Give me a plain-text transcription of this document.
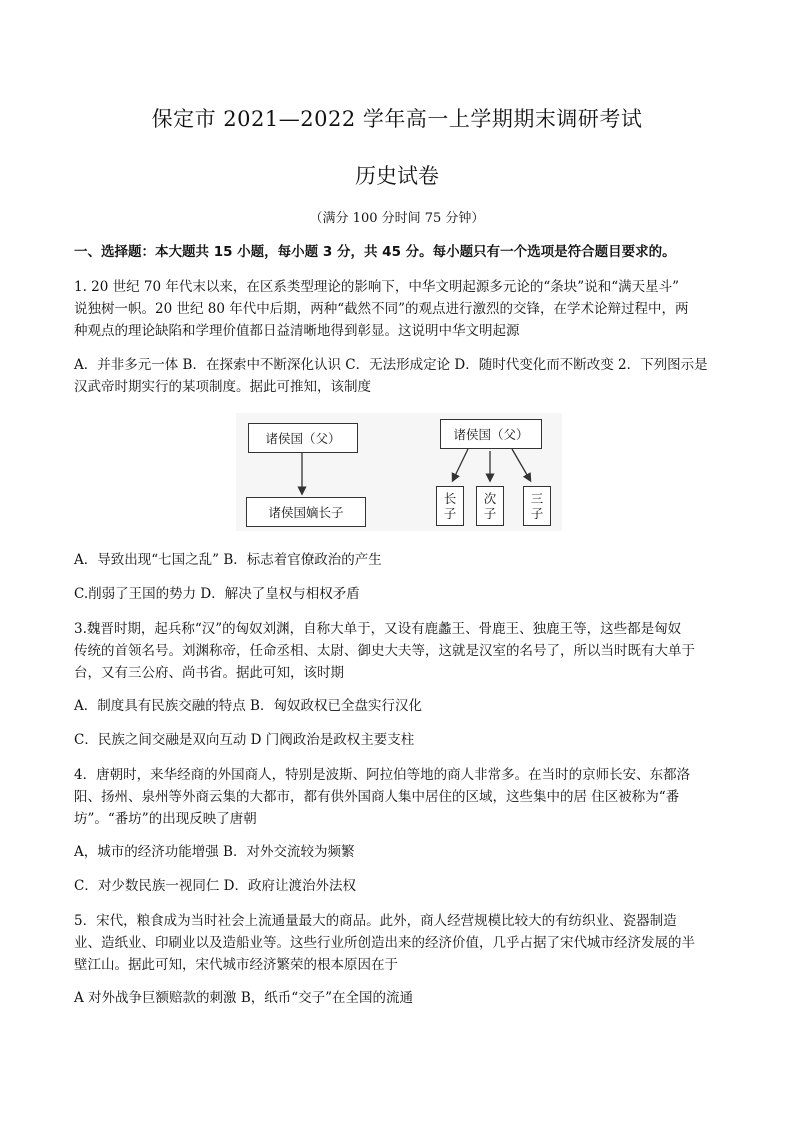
保定市 2021—2022 学年高一上学期期末调研考试
历史试卷
（满分 100 分时间 75 分钟）
一、选择题：本大题共 15 小题，每小题 3 分，共 45 分。每小题只有一个选项是符合题目要求的。
1. 20 世纪 70 年代末以来，在区系类型理论的影响下，中华文明起源多元论的“条块”说和“满天星斗”
说独树一帜。20 世纪 80 年代中后期，两种“截然不同”的观点进行激烈的交锋，在学术论辩过程中，两
种观点的理论缺陷和学理价值都日益清晰地得到彰显。这说明中华文明起源
A．并非多元一体 B．在探索中不断深化认识 C．无法形成定论 D．随时代变化而不断改变 2．下列图示是
汉武帝时期实行的某项制度。据此可推知，该制度
诸侯国（父）
诸侯国嫡长子
诸侯国（父）
长
子
次
子
三
子
A．导致出现“七国之乱” B．标志着官僚政治的产生
C.削弱了王国的势力 D．解决了皇权与相权矛盾
3.魏晋时期，起兵称“汉”的匈奴刘渊，自称大单于，又设有鹿蠡王、骨鹿王、独鹿王等，这些都是匈奴
传统的首领名号。刘渊称帝，任命丞相、太尉、御史大夫等，这就是汉室的名号了，所以当时既有大单于
台，又有三公府、尚书省。据此可知，该时期
A．制度具有民族交融的特点 B．匈奴政权已全盘实行汉化
C．民族之间交融是双向互动 D 门阀政治是政权主要支柱
4．唐朝时，来华经商的外国商人，特别是波斯、阿拉伯等地的商人非常多。在当时的京师长安、东都洛
阳、扬州、泉州等外商云集的大都市，都有供外国商人集中居住的区域，这些集中的居 住区被称为“番
坊”。“番坊”的出现反映了唐朝
A，城市的经济功能增强 B．对外交流较为频繁
C．对少数民族一视同仁 D．政府让渡治外法权
5．宋代，粮食成为当时社会上流通量最大的商品。此外，商人经营规模比较大的有纺织业、瓷器制造
业、造纸业、印刷业以及造船业等。这些行业所创造出来的经济价值，几乎占据了宋代城市经济发展的半
壁江山。据此可知，宋代城市经济繁荣的根本原因在于
A 对外战争巨额赔款的刺激 B，纸币“交子”在全国的流通
